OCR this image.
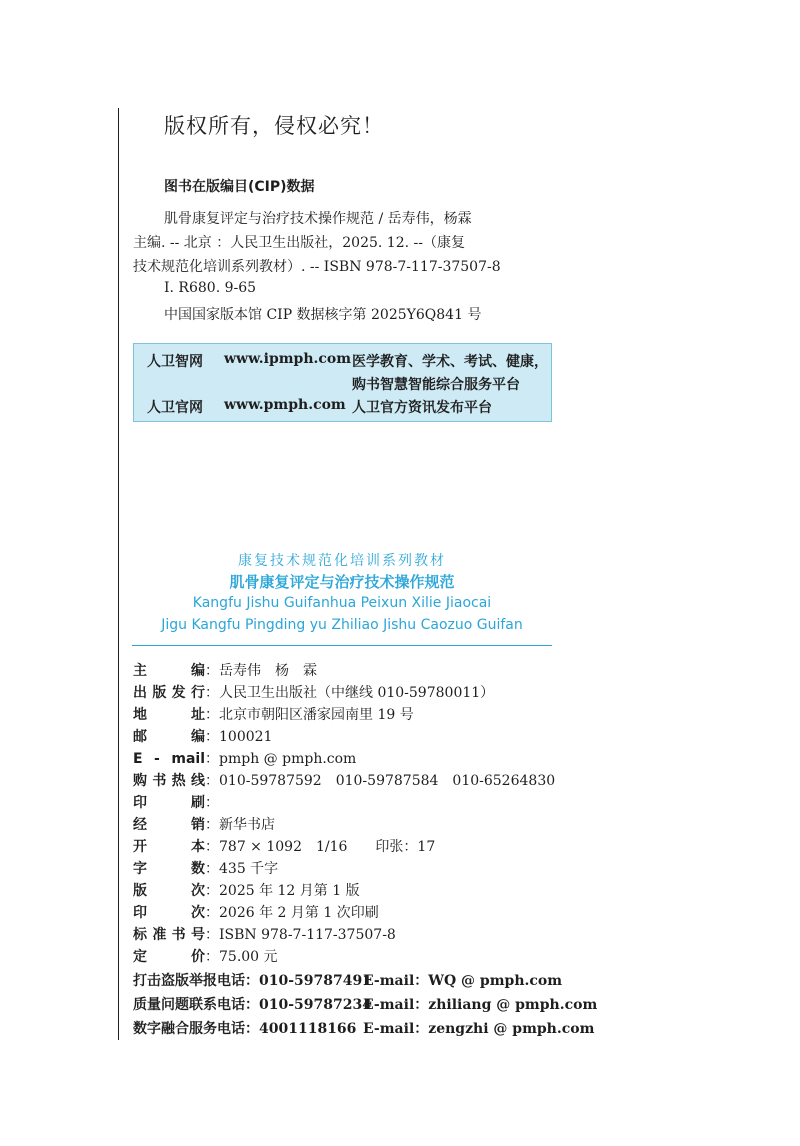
版权所有，侵权必究！
图书在版编目(CIP)数据
肌骨康复评定与治疗技术操作规范 / 岳寿伟，杨霖
主编. -- 北京 ：人民卫生出版社，2025. 12. --（康复
技术规范化培训系列教材）. -- ISBN 978-7-117-37507-8
Ⅰ. R680. 9-65
中国国家版本馆 CIP 数据核字第 2025Y6Q841 号
人卫智网 www.ipmph.com 医学教育、学术、考试、健康，
购书智慧智能综合服务平台
人卫官网 www.pmph.com 人卫官方资讯发布平台
康复技术规范化培训系列教材
肌骨康复评定与治疗技术操作规范
Kangfu Jishu Guifanhua Peixun Xilie Jiaocai
Jigu Kangfu Pingding yu Zhiliao Jishu Caozuo Guifan
主编：岳寿伟　杨　霖
出版发行：人民卫生出版社（中继线 010-59780011）
地址：北京市朝阳区潘家园南里 19 号
邮编：100021
E - mail：pmph @ pmph.com
购书热线：010-59787592　010-59787584　010-65264830
印刷：
经销：新华书店
开本：787 × 1092　1/16　　印张：17
字数：435 千字
版次：2025 年 12 月第 1 版
印次：2026 年 2 月第 1 次印刷
标准书号：ISBN 978-7-117-37507-8
定价：75.00 元
打击盗版举报电话：010-59787491
E-mail：WQ @ pmph.com
质量问题联系电话：010-59787234
E-mail：zhiliang @ pmph.com
数字融合服务电话：4001118166 E-mail：zengzhi @ pmph.com
